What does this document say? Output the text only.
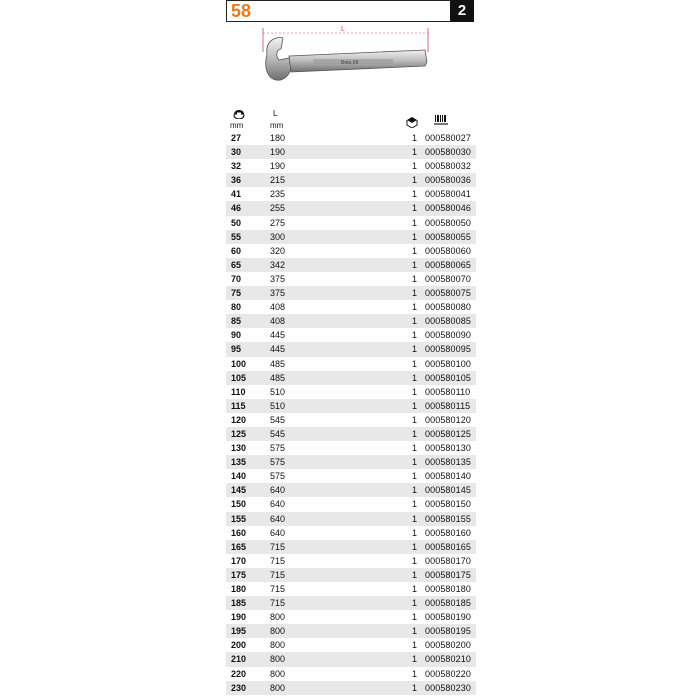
58	2
L
Beta 58
mm
L
mm
27	180	1 000580027
30	190	1 000580030
32	190	1 000580032
36	215	1 000580036
41	235	1 000580041
46	255	1 000580046
50	275	1 000580050
55	300	1 000580055
60	320	1 000580060
65	342	1 000580065
70	375	1 000580070
75	375	1 000580075
80	408	1 000580080
85	408	1 000580085
90	445	1 000580090
95	445	1 000580095
100	485	1 000580100
105	485	1 000580105
110	510	1 000580110
115	510	1 000580115
120	545	1 000580120
125	545	1 000580125
130	575	1 000580130
135	575	1 000580135
140	575	1 000580140
145	640	1 000580145
150	640	1 000580150
155	640	1 000580155
160	640	1 000580160
165	715	1 000580165
170	715	1 000580170
175	715	1 000580175
180	715	1 000580180
185	715	1 000580185
190	800	1 000580190
195	800	1 000580195
200	800	1 000580200
210	800	1 000580210
220	800	1 000580220
230	800	1 000580230
